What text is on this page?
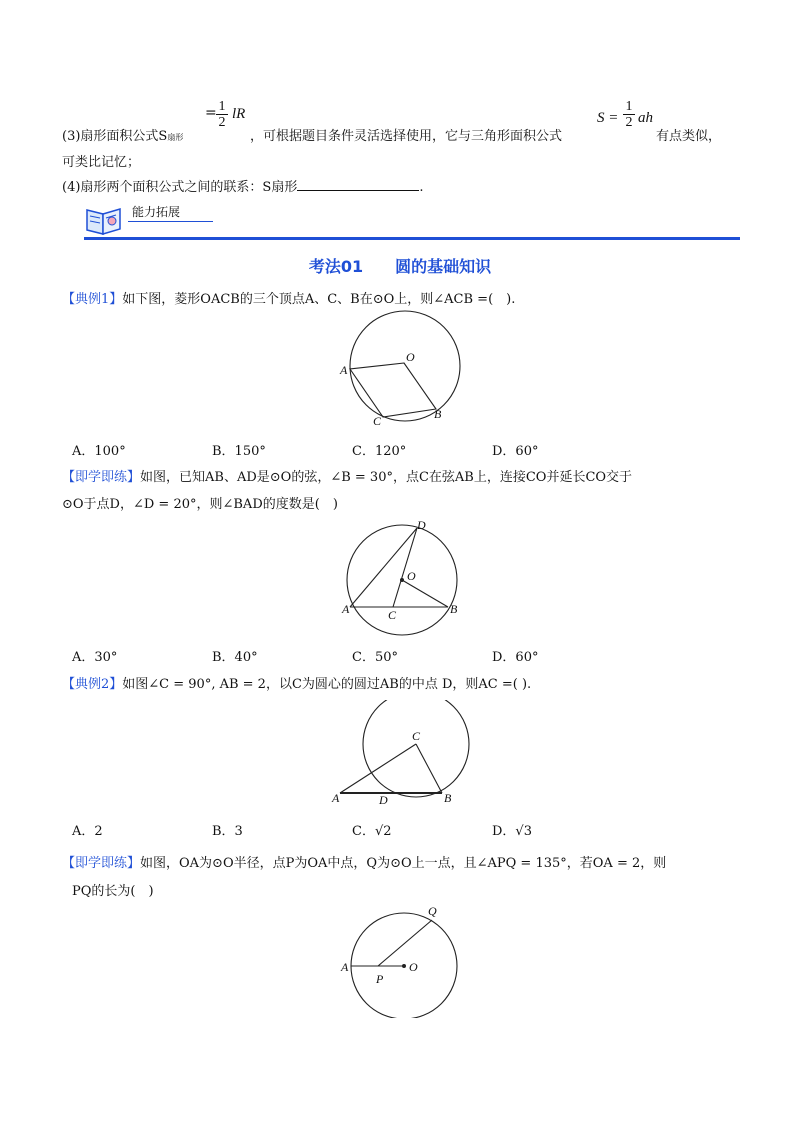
(3)扇形面积公式S扇形
= $\frac{1}{2}$ lR
，可根据题目条件灵活选择使用，它与三角形面积公式
$S = \frac{1}{2}$ ah
有点类似，
可类比记忆；
(4)扇形两个面积公式之间的联系：S扇形	.
能力拓展
考法01　　圆的基础知识
【典例1】如下图，菱形OACB的三个顶点A、C、B在⊙O上，则∠ACB =(　).
O
A
C	B
A．100°	B．150°	C．120°	D．60°
【即学即练】如图，已知AB、AD是⊙O的弦，∠B = 30°，点C在弦AB上，连接CO并延长CO交于
⊙O于点D，∠D = 20°，则∠BAD的度数是(　)
D
O
A	C	B
A．30°	B．40°	C．50°	D．60°
【典例2】如图∠C = 90°, AB = 2，以C为圆心的圆过AB的中点 D，则AC =( ).
C
A	D	B
A．2	B．3	C．√2	D．√3
【即学即练】如图，OA为⊙O半径，点P为OA中点，Q为⊙O上一点，且∠APQ = 135°，若OA = 2，则
PQ的长为(　)
Q
A
P
O
